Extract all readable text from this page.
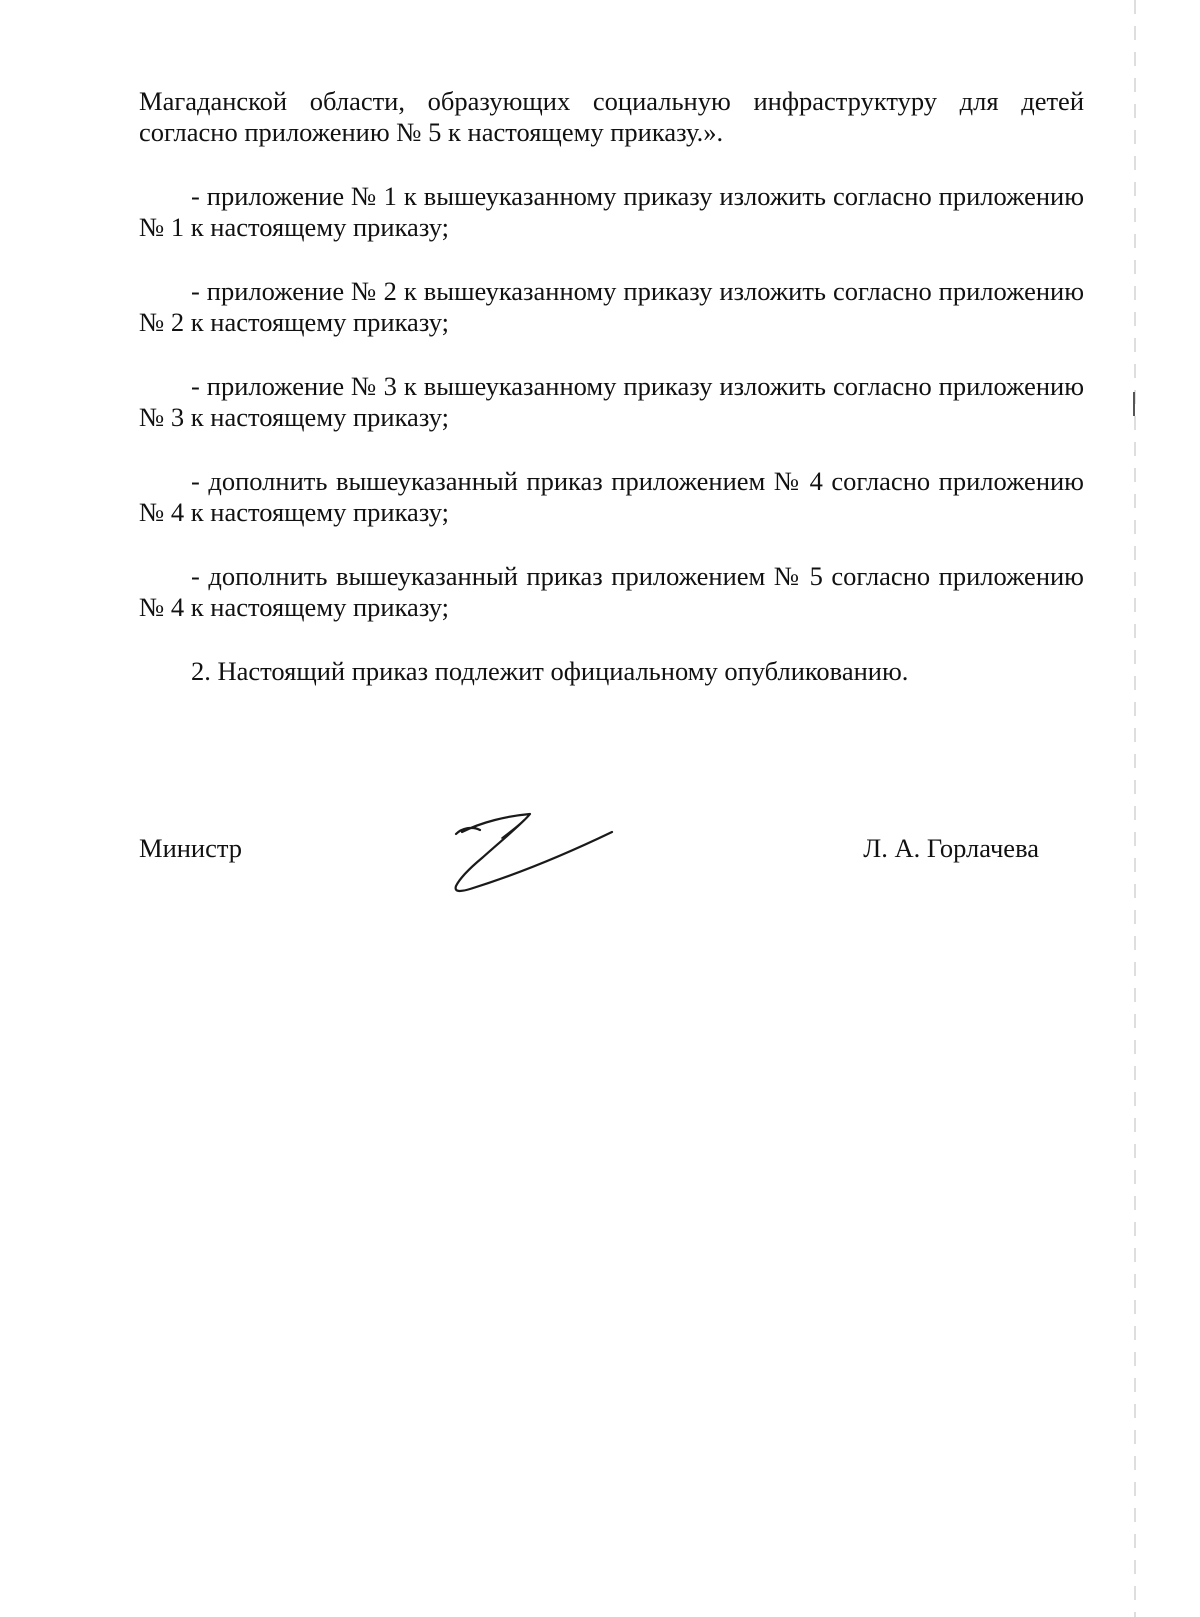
Магаданской области, образующих социальную инфраструктуру для детей согласно приложению № 5 к настоящему приказу.».

- приложение № 1 к вышеуказанному приказу изложить согласно приложению № 1 к настоящему приказу;

- приложение № 2 к вышеуказанному приказу изложить согласно приложению № 2 к настоящему приказу;

- приложение № 3 к вышеуказанному приказу изложить согласно приложению № 3 к настоящему приказу;

- дополнить вышеуказанный приказ приложением № 4 согласно приложению № 4 к настоящему приказу;

- дополнить вышеуказанный приказ приложением № 5 согласно приложению № 4 к настоящему приказу;

2. Настоящий приказ подлежит официальному опубликованию.

Министр	Л. А. Горлачева
